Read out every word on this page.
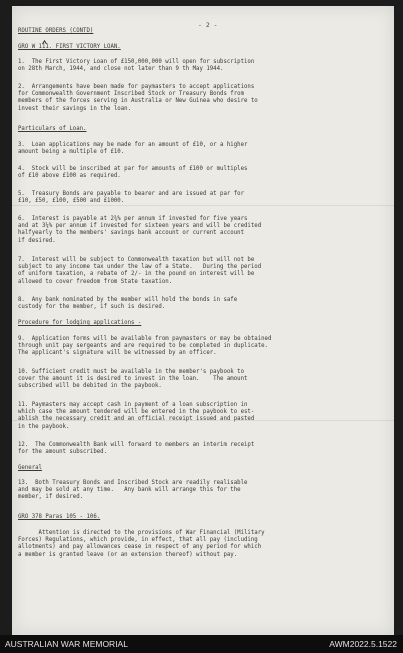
- 2 -
ROUTINE ORDERS (CONTD)
GRO W 111. FIRST VICTORY LOAN.
1.  The First Victory Loan of £150,000,000 will open for subscription
on 28th March, 1944, and close not later than 9 th May 1944.
2.  Arrangements have been made for paymasters to accept applications
for Commonwealth Government Inscribed Stock or Treasury Bonds from
members of the forces serving in Australia or New Guinea who desire to
invest their savings in the loan.
Particulars of Loan.
3.  Loan applications may be made for an amount of £10, or a higher
amount being a multiple of £10.
4.  Stock will be inscribed at par for amounts of £100 or multiples
of £10 above £100 as required.
5.  Treasury Bonds are payable to bearer and are issued at par for
£10, £50, £100, £500 and £1000.
6.  Interest is payable at 2¾% per annum if invested for five years
and at 3¼% per annum if invested for sixteen years and will be credited
halfyearly to the members' savings bank account or current account
if desired.
7.  Interest will be subject to Commonwealth taxation but will not be
subject to any income tax under the law of a State.   During the period
of uniform taxation, a rebate of 2/- in the pound on interest will be
allowed to cover freedom from State taxation.
8.  Any bank nominated by the member will hold the bonds in safe
custody for the member, if such is desired.
Procedure for lodging applications -
9.  Application forms will be available from paymasters or may be obtained
through unit pay sergeants and are required to be completed in duplicate.
The applicant's signature will be witnessed by an officer.
10. Sufficient credit must be available in the member's paybook to
cover the amount it is desired to invest in the loan.    The amount
subscribed will be debited in the paybook.
11. Paymasters may accept cash in payment of a loan subscription in
which case the amount tendered will be entered in the paybook to est-
ablish the necessary credit and an official receipt issued and pasted
in the paybook.
12.  The Commonwealth Bank will forward to members an interim receipt
for the amount subscribed.
General
13.  Both Treasury Bonds and Inscribed Stock are readily realisable
and may be sold at any time.   Any bank will arrange this for the
member, if desired.
GRO 378 Paras 105 - 106.
Attention is directed to the provisions of War Financial (Military
Forces) Regulations, which provide, in effect, that all pay (including
allotments) and pay allowances cease in respect of any period for which
a member is granted leave (or an extension thereof) without pay.
AUSTRALIAN WAR MEMORIAL	AWM2022.5.1522
